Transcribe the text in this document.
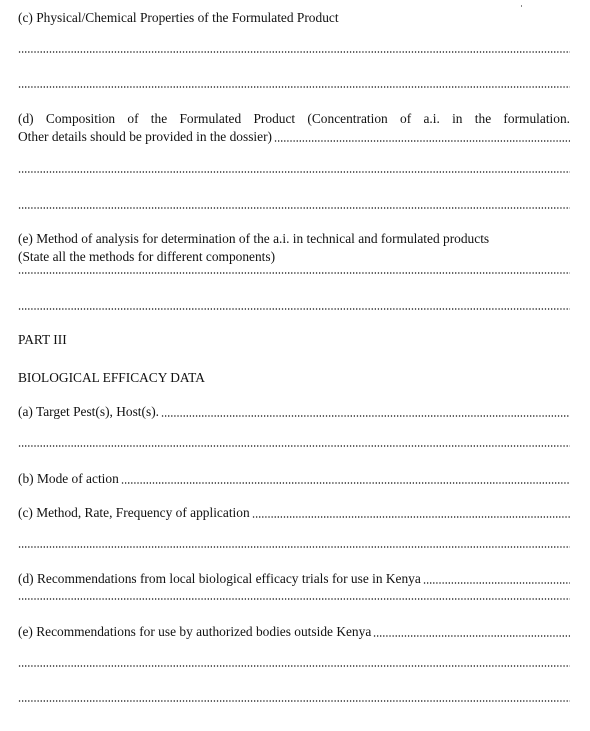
(c) Physical/Chemical Properties of the Formulated Product
(d) Composition of the Formulated Product (Concentration of a.i. in the formulation.
Other details should be provided in the dossier)
(e) Method of analysis for determination of the a.i. in technical and formulated products
(State all the methods for different components)
PART III
BIOLOGICAL EFFICACY DATA
(a) Target Pest(s), Host(s).
(b) Mode of action
(c) Method, Rate, Frequency of application
(d) Recommendations from local biological efficacy trials for use in Kenya
(e) Recommendations for use by authorized bodies outside Kenya
